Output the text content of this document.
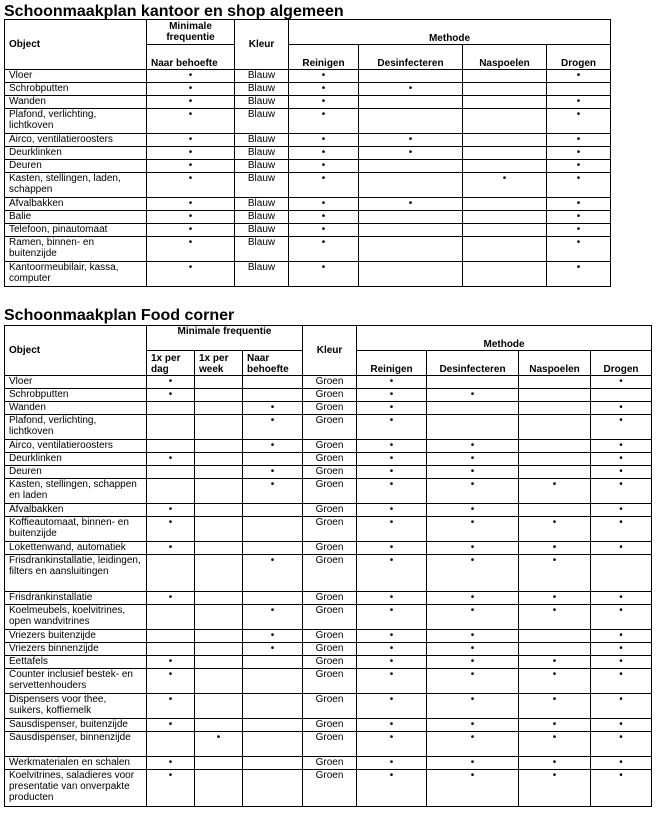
Schoonmaakplan kantoor en shop algemeen
Object	Minimale frequentie	Kleur	Methode			
	Naar behoefte		Reinigen	Desinfecteren	Naspoelen	Drogen
Vloer	•	Blauw	•			•
Schrobputten	•	Blauw	•	•		
Wanden	•	Blauw	•			•
Plafond, verlichting, lichtkoven	•	Blauw	•			•
Airco, ventilatieroosters	•	Blauw	•	•		•
Deurklinken	•	Blauw	•	•		•
Deuren	•	Blauw	•			•
Kasten, stellingen, laden, schappen	•	Blauw	•		•	•
Afvalbakken	•	Blauw	•	•		•
Balie	•	Blauw	•			•
Telefoon, pinautomaat	•	Blauw	•			•
Ramen, binnen- en buitenzijde	•	Blauw	•			•
Kantoormeubilair, kassa, computer	•	Blauw	•			•
Schoonmaakplan Food corner
Object	Minimale frequentie			Kleur	Methode			
	1x per dag	1x per week	Naar behoefte		Reinigen	Desinfecteren	Naspoelen	Drogen
Vloer	•			Groen	•			•
Schrobputten	•			Groen	•	•		
Wanden			•	Groen	•			•
Plafond, verlichting, lichtkoven			•	Groen	•			•
Airco, ventilatieroosters			•	Groen	•	•		•
Deurklinken	•			Groen	•	•		•
Deuren			•	Groen	•	•		•
Kasten, stellingen, schappen en laden			•	Groen	•	•	•	•
Afvalbakken	•			Groen	•	•		•
Koffieautomaat, binnen- en buitenzijde	•			Groen	•	•	•	•
Lokettenwand, automatiek	•			Groen	•	•	•	•
Frisdrankinstallatie, leidingen, filters en aansluitingen			•	Groen	•	•	•	
Frisdrankinstallatie	•			Groen	•	•	•	•
Koelmeubels, koelvitrines, open wandvitrines			•	Groen	•	•	•	•
Vriezers buitenzijde			•	Groen	•	•		•
Vriezers binnenzijde			•	Groen	•	•		•
Eettafels	•			Groen	•	•	•	•
Counter inclusief bestek- en servettenhouders	•			Groen	•	•	•	•
Dispensers voor thee, suikers, koffiemelk	•			Groen	•	•	•	•
Sausdispenser, buitenzijde	•			Groen	•	•	•	•
Sausdispenser, binnenzijde		•		Groen	•	•	•	•
Werkmaterialen en schalen	•			Groen	•	•	•	•
Koelvitrines, saladieres voor presentatie van onverpakte producten	•			Groen	•	•	•	•
